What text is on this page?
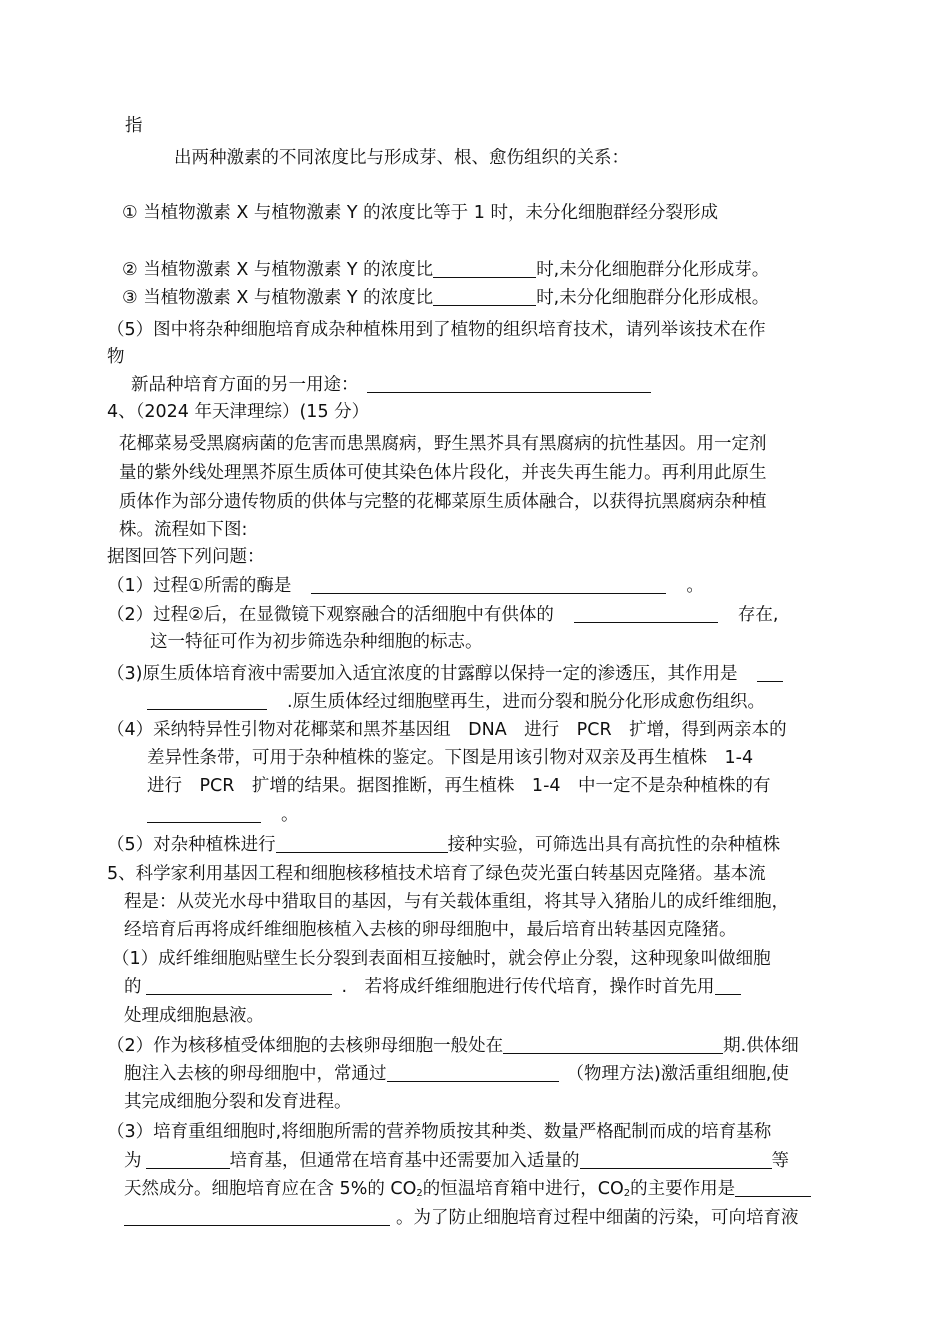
指
出两种激素的不同浓度比与形成芽、根、愈伤组织的关系：
① 当植物激素 X 与植物激素 Y 的浓度比等于 1 时，未分化细胞群经分裂形成
② 当植物激素 X 与植物激素 Y 的浓度比	时,未分化细胞群分化形成芽。
③ 当植物激素 X 与植物激素 Y 的浓度比	时,未分化细胞群分化形成根。
（5）图中将杂种细胞培育成杂种植株用到了植物的组织培育技术，请列举该技术在作
物
新品种培育方面的另一用途：
4、（2024 年天津理综）(15 分）
花椰菜易受黑腐病菌的危害而患黑腐病，野生黑芥具有黑腐病的抗性基因。用一定剂
量的紫外线处理黑芥原生质体可使其染色体片段化，并丧失再生能力。再利用此原生
质体作为部分遗传物质的供体与完整的花椰菜原生质体融合，以获得抗黑腐病杂种植
株。流程如下图:
据图回答下列问题：
（1）过程①所需的酶是	。
（2）过程②后，在显微镜下观察融合的活细胞中有供体的	存在,
这一特征可作为初步筛选杂种细胞的标志。
（3)原生质体培育液中需要加入适宜浓度的甘露醇以保持一定的渗透压，其作用是
.原生质体经过细胞壁再生，进而分裂和脱分化形成愈伤组织。
（4）采纳特异性引物对花椰菜和黑芥基因组　DNA　进行　PCR　扩增，得到两亲本的
差异性条带，可用于杂种植株的鉴定。下图是用该引物对双亲及再生植株　1-4
进行　PCR　扩增的结果。据图推断，再生植株　1-4　中一定不是杂种植株的有
。
（5）对杂种植株进行	接种实验，可筛选出具有高抗性的杂种植株
5、科学家利用基因工程和细胞核移植技术培育了绿色荧光蛋白转基因克隆猪。基本流
程是：从荧光水母中猎取目的基因，与有关载体重组，将其导入猪胎儿的成纤维细胞，
经培育后再将成纤维细胞核植入去核的卵母细胞中，最后培育出转基因克隆猪。
（1）成纤维细胞贴壁生长分裂到表面相互接触时，就会停止分裂，这种现象叫做细胞
的	.　若将成纤维细胞进行传代培育，操作时首先用
处理成细胞悬液。
（2）作为核移植受体细胞的去核卵母细胞一般处在	期.供体细
胞注入去核的卵母细胞中，常通过	（物理方法)激活重组细胞,使
其完成细胞分裂和发育进程。
（3）培育重组细胞时,将细胞所需的营养物质按其种类、数量严格配制而成的培育基称
为	培育基，但通常在培育基中还需要加入适量的	等
天然成分。细胞培育应在含 5%的 $CO_2$的恒温培育箱中进行，$CO_2$的主要作用是
。为了防止细胞培育过程中细菌的污染，可向培育液
